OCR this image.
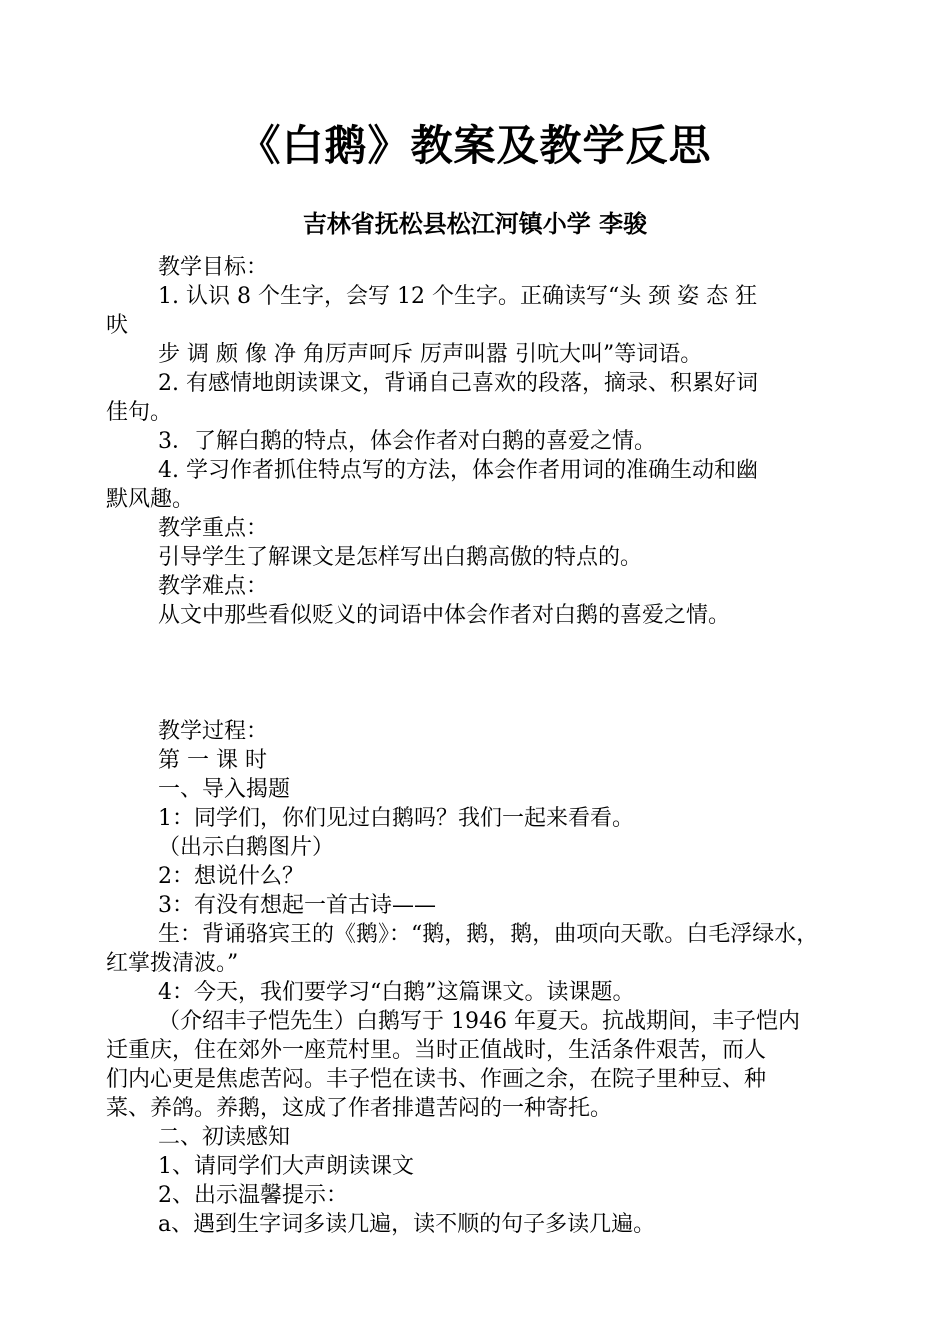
《白鹅》教案及教学反思
吉林省抚松县松江河镇小学 李骏

教学目标：

1. 认识 8 个生字，会写 12 个生字。正确读写“头 颈 姿 态 狂

吠

步 调 颇 像 净 角厉声呵斥 厉声叫嚣 引吭大叫”等词语。

2. 有感情地朗读课文，背诵自己喜欢的段落，摘录、积累好词

佳句。

3．了解白鹅的特点，体会作者对白鹅的喜爱之情。

4. 学习作者抓住特点写的方法，体会作者用词的准确生动和幽

默风趣。

教学重点：

引导学生了解课文是怎样写出白鹅高傲的特点的。

教学难点：

从文中那些看似贬义的词语中体会作者对白鹅的喜爱之情。

教学过程：

第 一 课 时

一、导入揭题

1：同学们，你们见过白鹅吗？我们一起来看看。

（出示白鹅图片）

2：想说什么？

3：有没有想起一首古诗——

生：背诵骆宾王的《鹅》：“鹅，鹅，鹅，曲项向天歌。白毛浮绿水，

红掌拨清波。”

4：今天，我们要学习“白鹅”这篇课文。读课题。

（介绍丰子恺先生）白鹅写于 1946 年夏天。抗战期间，丰子恺内

迁重庆，住在郊外一座荒村里。当时正值战时，生活条件艰苦，而人

们内心更是焦虑苦闷。丰子恺在读书、作画之余，在院子里种豆、种

菜、养鸽。养鹅，这成了作者排遣苦闷的一种寄托。

二、初读感知

1、请同学们大声朗读课文

2、出示温馨提示：

a、遇到生字词多读几遍，读不顺的句子多读几遍。
